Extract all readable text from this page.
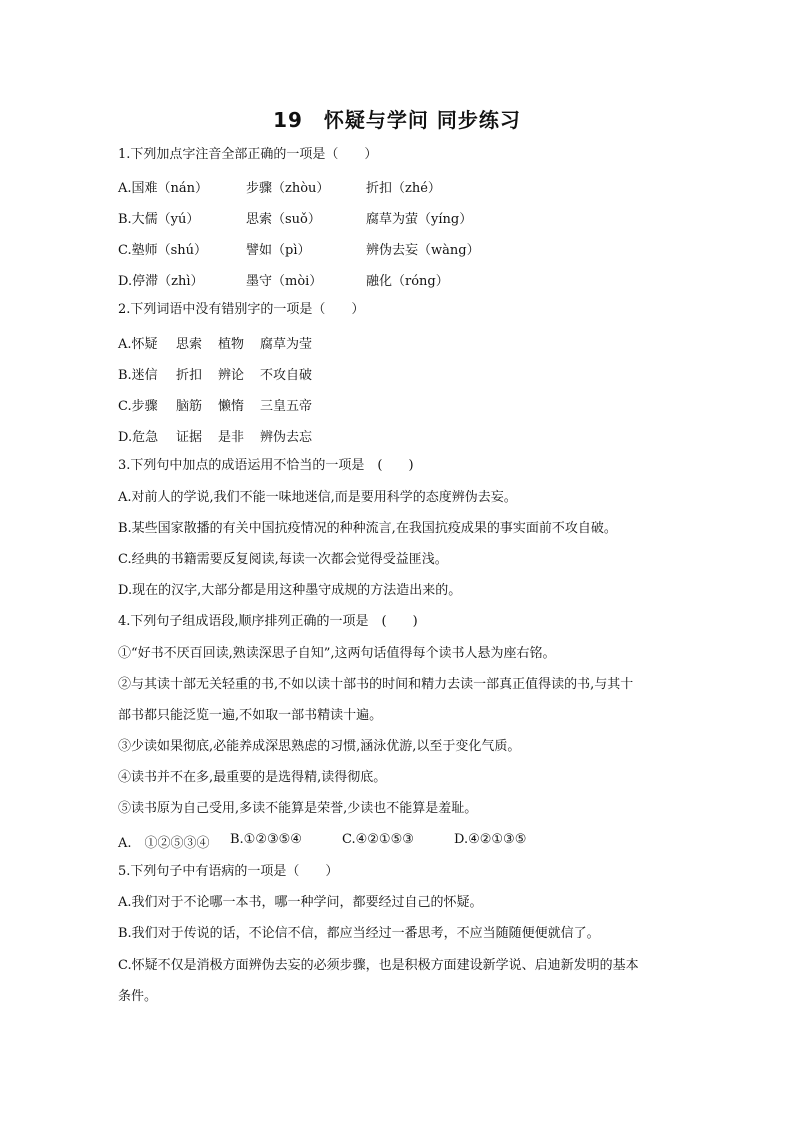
19　怀疑与学问 同步练习
1.下列加点字注音全部正确的一项是（　　）
A.国难（nán）	步骤（zhòu）	折扣（zhé）
B.大儒（yú）	思索（suǒ）	腐草为萤（yíng）
C.塾师（shú）	譬如（pì）	辨伪去妄（wàng）
D.停滞（zhì）	墨守（mòi）	融化（róng）
2.下列词语中没有错别字的一项是（　　）
A.怀疑 思索 植物 腐草为莹
B.迷信 折扣 辨论 不攻自破
C.步骤 脑筋 懒惰 三皇五帝
D.危急 证据 是非 辨伪去忘
3.下列句中加点的成语运用不恰当的一项是　(　　)
A.对前人的学说,我们不能一味地迷信,而是要用科学的态度辨伪去妄。
B.某些国家散播的有关中国抗疫情况的种种流言,在我国抗疫成果的事实面前不攻自破。
C.经典的书籍需要反复阅读,每读一次都会觉得受益匪浅。
D.现在的汉字,大部分都是用这种墨守成规的方法造出来的。
4.下列句子组成语段,顺序排列正确的一项是　(　　)
①“好书不厌百回读,熟读深思子自知”,这两句话值得每个读书人悬为座右铭。
②与其读十部无关轻重的书,不如以读十部书的时间和精力去读一部真正值得读的书,与其十
部书都只能泛览一遍,不如取一部书精读十遍。
③少读如果彻底,必能养成深思熟虑的习惯,涵泳优游,以至于变化气质。
④读书并不在多,最重要的是选得精,读得彻底。
⑤读书原为自己受用,多读不能算是荣誉,少读也不能算是羞耻。
A.　①②⑤③④ B.①②③⑤④	C.④②①⑤③	D.④②①③⑤
5.下列句子中有语病的一项是（　　）
A.我们对于不论哪一本书，哪一种学问，都要经过自己的怀疑。
B.我们对于传说的话，不论信不信，都应当经过一番思考，不应当随随便便就信了。
C.怀疑不仅是消极方面辨伪去妄的必须步骤，也是积极方面建设新学说、启迪新发明的基本
条件。
